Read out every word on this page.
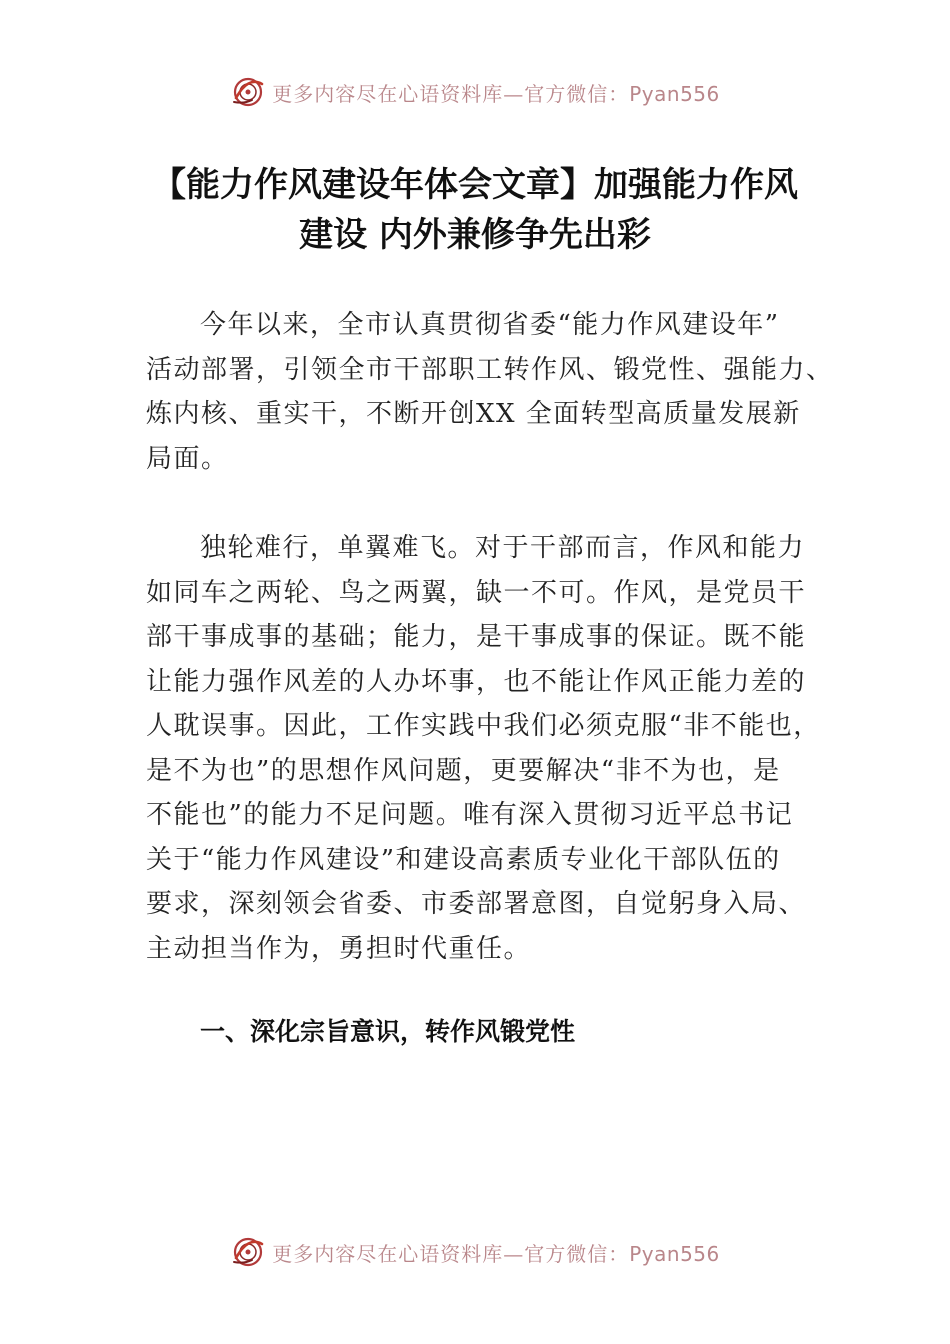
更多内容尽在心语资料库—官方微信：Pyan556
【能力作风建设年体会文章】加强能力作风
建设 内外兼修争先出彩
今年以来，全市认真贯彻省委“能力作风建设年”
活动部署，引领全市干部职工转作风、锻党性、强能力、
炼内核、重实干，不断开创XX 全面转型高质量发展新
局面。
独轮难行，单翼难飞。对于干部而言，作风和能力
如同车之两轮、鸟之两翼，缺一不可。作风，是党员干
部干事成事的基础；能力，是干事成事的保证。既不能
让能力强作风差的人办坏事，也不能让作风正能力差的
人耽误事。因此，工作实践中我们必须克服“非不能也，
是不为也”的思想作风问题，更要解决“非不为也，是
不能也”的能力不足问题。唯有深入贯彻习近平总书记
关于“能力作风建设”和建设高素质专业化干部队伍的
要求，深刻领会省委、市委部署意图，自觉躬身入局、
主动担当作为，勇担时代重任。
一、深化宗旨意识，转作风锻党性
更多内容尽在心语资料库—官方微信：Pyan556
